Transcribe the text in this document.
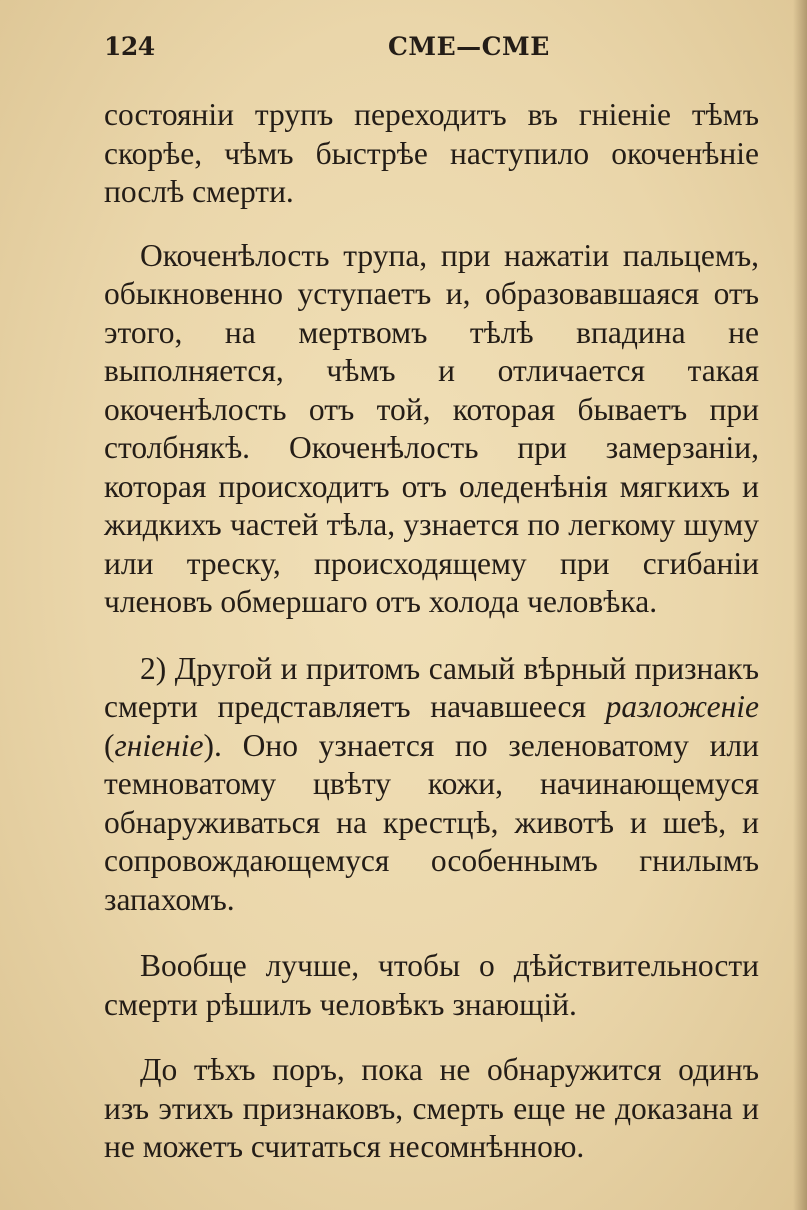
124	СМЕ—СМЕ

состоянiи трупъ переходитъ въ гнiенiе тѣмъ скорѣе, чѣмъ быстрѣе наступило окоченѣнiе послѣ смерти.

Окоченѣлость трупа, при нажатiи пальцемъ, обыкновенно уступаетъ и, образовавшаяся отъ этого, на мертвомъ тѣлѣ впадина не выполняется, чѣмъ и отличается такая окоченѣлость отъ той, которая бываетъ при столбнякѣ. Окоченѣлость при замерзанiи, которая происходитъ отъ оледенѣнiя мягкихъ и жидкихъ частей тѣла, узнается по легкому шуму или треску, происходящему при сгибанiи членовъ обмершаго отъ холода человѣка.

2) Другой и притомъ самый вѣрный признакъ смерти представляетъ начавшееся разложенiе (гнiенiе). Оно узнается по зеленоватому или темноватому цвѣту кожи, начинающемуся обнаруживаться на крестцѣ, животѣ и шеѣ, и сопровождающемуся особеннымъ гнилымъ запахомъ.

Вообще лучше, чтобы о дѣйствительности смерти рѣшилъ человѣкъ знающiй.

До тѣхъ поръ, пока не обнаружится одинъ изъ этихъ признаковъ, смерть еще не доказана и не можетъ считаться несомнѣнною.
